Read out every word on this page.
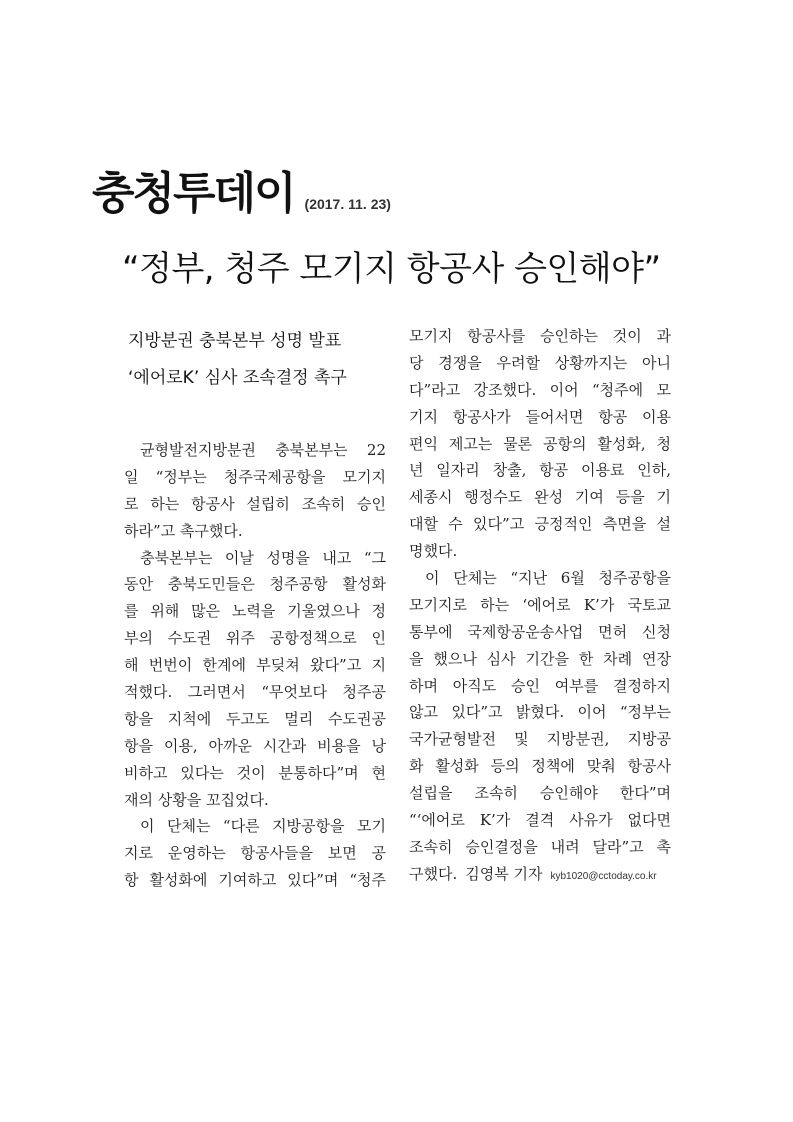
충청투데이 (2017. 11. 23)
“정부, 청주 모기지 항공사 승인해야”
지방분권 충북본부 성명 발표
‘에어로K’ 심사 조속결정 촉구
균형발전지방분권 충북본부는 22
일 “정부는 청주국제공항을 모기지
로 하는 항공사 설립히 조속히 승인
하라”고 촉구했다.
충북본부는 이날 성명을 내고 “그
동안 충북도민들은 청주공항 활성화
를 위해 많은 노력을 기울였으나 정
부의 수도권 위주 공항정책으로 인
해 번번이 한계에 부딪쳐 왔다”고 지
적했다. 그러면서 “무엇보다 청주공
항을 지척에 두고도 멀리 수도권공
항을 이용, 아까운 시간과 비용을 낭
비하고 있다는 것이 분통하다”며 현
재의 상황을 꼬집었다.
이 단체는 “다른 지방공항을 모기
지로 운영하는 항공사들을 보면 공
항 활성화에 기여하고 있다”며 “청주
모기지 항공사를 승인하는 것이 과
당 경쟁을 우려할 상황까지는 아니
다”라고 강조했다. 이어 “청주에 모
기지 항공사가 들어서면 항공 이용
편익 제고는 물론 공항의 활성화, 청
년 일자리 창출, 항공 이용료 인하,
세종시 행정수도 완성 기여 등을 기
대할 수 있다”고 긍정적인 측면을 설
명했다.
이 단체는 “지난 6월 청주공항을
모기지로 하는 ‘에어로 K’가 국토교
통부에 국제항공운송사업 면허 신청
을 했으나 심사 기간을 한 차례 연장
하며 아직도 승인 여부를 결정하지
않고 있다”고 밝혔다. 이어 “정부는
국가균형발전 및 지방분권, 지방공
화 활성화 등의 정책에 맞춰 항공사
설립을 조속히 승인해야 한다”며
“‘에어로 K’가 결격 사유가 없다면
조속히 승인결정을 내려 달라”고 촉
구했다. 김영복 기자 kyb1020@cctoday.co.kr
